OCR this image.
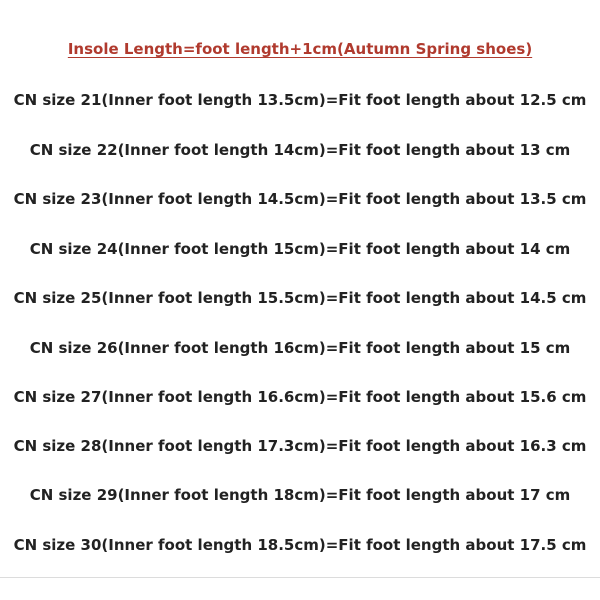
Insole Length=foot length+1cm(Autumn Spring shoes)
CN size 21(Inner foot length 13.5cm)=Fit foot length about 12.5 cm
CN size 22(Inner foot length 14cm)=Fit foot length about 13 cm
CN size 23(Inner foot length 14.5cm)=Fit foot length about 13.5 cm
CN size 24(Inner foot length 15cm)=Fit foot length about 14 cm
CN size 25(Inner foot length 15.5cm)=Fit foot length about 14.5 cm
CN size 26(Inner foot length 16cm)=Fit foot length about 15 cm
CN size 27(Inner foot length 16.6cm)=Fit foot length about 15.6 cm
CN size 28(Inner foot length 17.3cm)=Fit foot length about 16.3 cm
CN size 29(Inner foot length 18cm)=Fit foot length about 17 cm
CN size 30(Inner foot length 18.5cm)=Fit foot length about 17.5 cm
